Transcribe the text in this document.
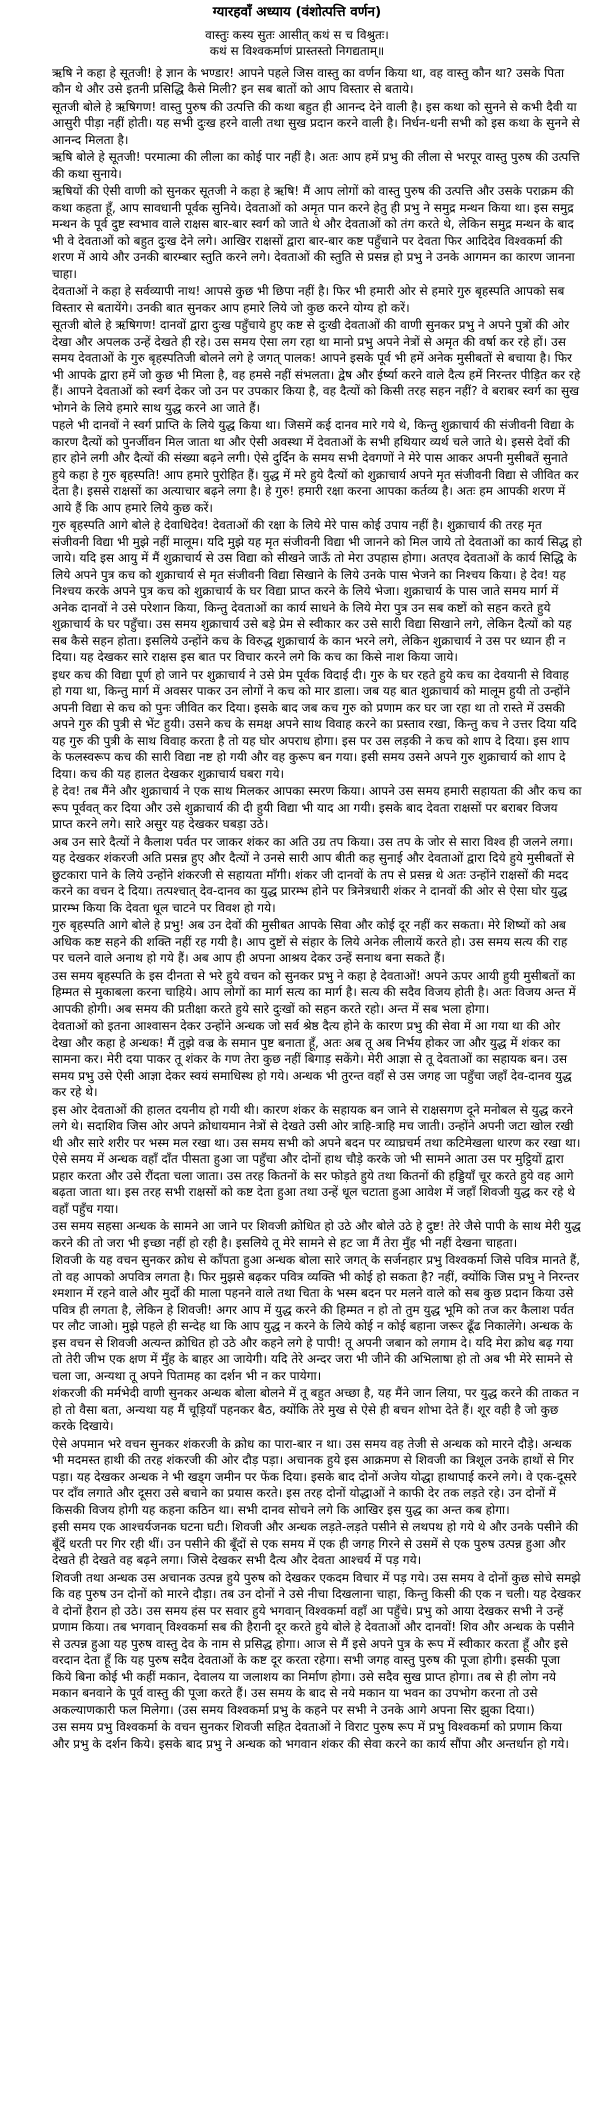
ग्यारहवाँ अध्याय (वंशोत्पत्ति वर्णन)
वास्तुः कस्य सुतः आसीत्‌ कथं स च विश्रुतः।
कथं स विश्वकर्माणं प्रास्तस्तो निगद्यताम्‌॥

ऋषि ने कहा हे सूतजी! हे ज्ञान के भण्डार! आपने पहले जिस वास्तु का वर्णन किया था, वह वास्तु कौन था? उसके पिता कौन थे और उसे इतनी प्रसिद्धि कैसे मिली? इन सब बातों को आप विस्तार से बताये।

सूतजी बोले हे ऋषिगण! वास्तु पुरुष की उत्पत्ति की कथा बहुत ही आनन्द देने वाली है। इस कथा को सुनने से कभी दैवी या आसुरी पीड़ा नहीं होती। यह सभी दुःख हरने वाली तथा सुख प्रदान करने वाली है। निर्धन-धनी सभी को इस कथा के सुनने से आनन्द मिलता है।

ऋषि बोले हे सूतजी! परमात्मा की लीला का कोई पार नहीं है। अतः आप हमें प्रभु की लीला से भरपूर वास्तु पुरुष की उत्पत्ति की कथा सुनाये।

ऋषियों की ऐसी वाणी को सुनकर सूतजी ने कहा हे ऋषि! मैं आप लोगों को वास्तु पुरुष की उत्पत्ति और उसके पराक्रम की कथा कहता हूँ, आप सावधानी पूर्वक सुनिये। देवताओं को अमृत पान करने हेतु ही प्रभु ने समुद्र मन्थन किया था। इस समुद्र मन्थन के पूर्व दुष्ट स्वभाव वाले राक्षस बार-बार स्वर्ग को जाते थे और देवताओं को तंग करते थे, लेकिन समुद्र मन्थन के बाद भी वे देवताओं को बहुत दुःख देने लगे। आखिर राक्षसों द्वारा बार-बार कष्ट पहुँचाने पर देवता फिर आदिदेव विश्वकर्मा की शरण में आये और उनकी बारम्बार स्तुति करने लगे। देवताओं की स्तुति से प्रसन्न हो प्रभु ने उनके आगमन का कारण जानना चाहा।

देवताओं ने कहा हे सर्वव्यापी नाथ! आपसे कुछ भी छिपा नहीं है। फिर भी हमारी ओर से हमारे गुरु बृहस्पति आपको सब विस्तार से बतायेंगे। उनकी बात सुनकर आप हमारे लिये जो कुछ करने योग्य हो करें।

सूतजी बोले हे ऋषिगण! दानवों द्वारा दुःख पहुँचाये हुए कष्ट से दुःखी देवताओं की वाणी सुनकर प्रभु ने अपने पुत्रों की ओर देखा और अपलक उन्हें देखते ही रहे। उस समय ऐसा लग रहा था मानो प्रभु अपने नेत्रों से अमृत की वर्षा कर रहे हों। उस समय देवताओं के गुरु बृहस्पतिजी बोलने लगे हे जगत् पालक! आपने इसके पूर्व भी हमें अनेक मुसीबतों से बचाया है। फिर भी आपके द्वारा हमें जो कुछ भी मिला है, वह हमसे नहीं संभलता। द्वेष और ईर्ष्या करने वाले दैत्य हमें निरन्तर पीड़ित कर रहे हैं। आपने देवताओं को स्वर्ग देकर जो उन पर उपकार किया है, वह दैत्यों को किसी तरह सहन नहीं? वे बराबर स्वर्ग का सुख भोगने के लिये हमारे साथ युद्ध करने आ जाते हैं।

पहले भी दानवों ने स्वर्ग प्राप्ति के लिये युद्ध किया था। जिसमें कई दानव मारे गये थे, किन्तु शुक्राचार्य की संजीवनी विद्या के कारण दैत्यों को पुनर्जीवन मिल जाता था और ऐसी अवस्था में देवताओं के सभी हथियार व्यर्थ चले जाते थे। इससे देवों की हार होने लगी और दैत्यों की संख्या बढ़ने लगी। ऐसे दुर्दिन के समय सभी देवगणों ने मेरे पास आकर अपनी मुसीबतें सुनाते हुये कहा हे गुरु बृहस्पति! आप हमारे पुरोहित हैं। युद्ध में मरे हुये दैत्यों को शुक्राचार्य अपने मृत संजीवनी विद्या से जीवित कर देता है। इससे राक्षसों का अत्याचार बढ़ने लगा है। हे गुरु! हमारी रक्षा करना आपका कर्तव्य है। अतः हम आपकी शरण में आये हैं कि आप हमारे लिये कुछ करें।

गुरु बृहस्पति आगे बोले हे देवाधिदेव! देवताओं की रक्षा के लिये मेरे पास कोई उपाय नहीं है। शुक्राचार्य की तरह मृत संजीवनी विद्या भी मुझे नहीं मालूम। यदि मुझे यह मृत संजीवनी विद्या भी जानने को मिल जाये तो देवताओं का कार्य सिद्ध हो जाये। यदि इस आयु में मैं शुक्राचार्य से उस विद्या को सीखने जाऊँ तो मेरा उपहास होगा। अतएव देवताओं के कार्य सिद्धि के लिये अपने पुत्र कच को शुक्राचार्य से मृत संजीवनी विद्या सिखाने के लिये उनके पास भेजने का निश्चय किया। हे देव! यह निश्चय करके अपने पुत्र कच को शुक्राचार्य के घर विद्या प्राप्त करने के लिये भेजा। शुक्राचार्य के पास जाते समय मार्ग में अनेक दानवों ने उसे परेशान किया, किन्तु देवताओं का कार्य साधने के लिये मेरा पुत्र उन सब कष्टों को सहन करते हुये शुक्राचार्य के घर पहुँचा। उस समय शुक्राचार्य उसे बड़े प्रेम से स्वीकार कर उसे सारी विद्या सिखाने लगे, लेकिन दैत्यों को यह सब कैसे सहन होता। इसलिये उन्होंने कच के विरुद्ध शुक्राचार्य के कान भरने लगे, लेकिन शुक्राचार्य ने उस पर ध्यान ही न दिया। यह देखकर सारे राक्षस इस बात पर विचार करने लगे कि कच का किसे नाश किया जाये।

इधर कच की विद्या पूर्ण हो जाने पर शुक्राचार्य ने उसे प्रेम पूर्वक विदाई दी। गुरु के घर रहते हुये कच का देवयानी से विवाह हो गया था, किन्तु मार्ग में अवसर पाकर उन लोगों ने कच को मार डाला। जब यह बात शुक्राचार्य को मालूम हुयी तो उन्होंने अपनी विद्या से कच को पुनः जीवित कर दिया। इसके बाद जब कच गुरु को प्रणाम कर घर जा रहा था तो रास्ते में उसकी अपने गुरु की पुत्री से भेंट हुयी। उसने कच के समक्ष अपने साथ विवाह करने का प्रस्ताव रखा, किन्तु कच ने उत्तर दिया यदि यह गुरु की पुत्री के साथ विवाह करता है तो यह घोर अपराध होगा। इस पर उस लड़की ने कच को शाप दे दिया। इस शाप के फलस्वरूप कच की सारी विद्या नष्ट हो गयी और वह कुरूप बन गया। इसी समय उसने अपने गुरु शुक्राचार्य को शाप दे दिया। कच की यह हालत देखकर शुक्राचार्य घबरा गये।

हे देव! तब मैंने और शुक्राचार्य ने एक साथ मिलकर आपका स्मरण किया। आपने उस समय हमारी सहायता की और कच का रूप पूर्ववत्‌ कर दिया और उसे शुक्राचार्य की दी हुयी विद्या भी याद आ गयी। इसके बाद देवता राक्षसों पर बराबर विजय प्राप्त करने लगे। सारे असुर यह देखकर घबड़ा उठे।

अब उन सारे दैत्यों ने कैलाश पर्वत पर जाकर शंकर का अति उग्र तप किया। उस तप के जोर से सारा विश्व ही जलने लगा। यह देखकर शंकरजी अति प्रसन्न हुए और दैत्यों ने उनसे सारी आप बीती कह सुनाई और देवताओं द्वारा दिये हुये मुसीबतों से छुटकारा पाने के लिये उन्होंने शंकरजी से सहायता माँगी। शंकर जी दानवों के तप से प्रसन्न थे अतः उन्होंने राक्षसों की मदद करने का वचन दे दिया। तत्पश्चात्‌ देव-दानव का युद्ध प्रारम्भ होने पर त्रिनेत्रधारी शंकर ने दानवों की ओर से ऐसा घोर युद्ध प्रारम्भ किया कि देवता धूल चाटने पर विवश हो गये।

गुरु बृहस्पति आगे बोले हे प्रभु! अब उन देवों की मुसीबत आपके सिवा और कोई दूर नहीं कर सकता। मेरे शिष्यों को अब अधिक कष्ट सहने की शक्ति नहीं रह गयी है। आप दुष्टों से संहार के लिये अनेक लीलायें करते हो। उस समय सत्य की राह पर चलने वाले अनाथ हो गये हैं। अब आप ही अपना आश्रय देकर उन्हें सनाथ बना सकते हैं।

उस समय बृहस्पति के इस दीनता से भरे हुये वचन को सुनकर प्रभु ने कहा हे देवताओं! अपने ऊपर आयी हुयी मुसीबतों का हिम्मत से मुकाबला करना चाहिये। आप लोगों का मार्ग सत्य का मार्ग है। सत्य की सदैव विजय होती है। अतः विजय अन्त में आपकी होगी। अब समय की प्रतीक्षा करते हुये सारे दुःखों को सहन करते रहो। अन्त में सब भला होगा।

देवताओं को इतना आश्वासन देकर उन्होंने अन्धक जो सर्व श्रेष्ठ दैत्य होने के कारण प्रभु की सेवा में आ गया था की ओर देखा और कहा हे अन्धक! मैं तुझे वज्र के समान पुष्ट बनाता हूँ, अतः अब तू अब निर्भय होकर जा और युद्ध में शंकर का सामना कर। मेरी दया पाकर तू शंकर के गण तेरा कुछ नहीं बिगाड़ सकेंगे। मेरी आज्ञा से तू देवताओं का सहायक बन। उस समय प्रभु उसे ऐसी आज्ञा देकर स्वयं समाधिस्थ हो गये। अन्धक भी तुरन्त वहाँ से उस जगह जा पहुँचा जहाँ देव-दानव युद्ध कर रहे थे।

इस ओर देवताओं की हालत दयनीय हो गयी थी। कारण शंकर के सहायक बन जाने से राक्षसगण दूने मनोबल से युद्ध करने लगे थे। सदाशिव जिस ओर अपने क्रोधायमान नेत्रों से देखते उसी ओर त्राहि-त्राहि मच जाती। उन्होंने अपनी जटा खोल रखी थी और सारे शरीर पर भस्म मल रखा था। उस समय सभी को अपने बदन पर व्याघ्रचर्म तथा कटिमेखला धारण कर रखा था। ऐसे समय में अन्धक वहाँ दाँत पीसता हुआ जा पहुँचा और दोनों हाथ चौड़े करके जो भी सामने आता उस पर मुट्ठियों द्वारा प्रहार करता और उसे रौंदता चला जाता। उस तरह कितनों के सर फोड़ते हुये तथा कितनों की हड्डियाँ चूर करते हुये वह आगे बढ़ता जाता था। इस तरह सभी राक्षसों को कष्ट देता हुआ तथा उन्हें धूल चटाता हुआ आवेश में जहाँ शिवजी युद्ध कर रहे थे वहाँ पहुँच गया।

उस समय सहसा अन्धक के सामने आ जाने पर शिवजी क्रोधित हो उठे और बोले उठे हे दुष्ट! तेरे जैसे पापी के साथ मेरी युद्ध करने की तो जरा भी इच्छा नहीं हो रही है। इसलिये तू मेरे सामने से हट जा मैं तेरा मुँह भी नहीं देखना चाहता।

शिवजी के यह वचन सुनकर क्रोध से काँपता हुआ अन्धक बोला सारे जगत्‌ के सर्जनहार प्रभु विश्वकर्मा जिसे पवित्र मानते हैं, तो वह आपको अपवित्र लगता है। फिर मुझसे बढ़कर पवित्र व्यक्ति भी कोई हो सकता है? नहीं, क्योंकि जिस प्रभु ने निरन्तर श्मशान में रहने वाले और मुर्दों की माला पहनने वाले तथा चिता के भस्म बदन पर मलने वाले को सब कुछ प्रदान किया उसे पवित्र ही लगता है, लेकिन हे शिवजी! अगर आप में युद्ध करने की हिम्मत न हो तो तुम युद्ध भूमि को तज कर कैलाश पर्वत पर लौट जाओ। मुझे पहले ही सन्देह था कि आप युद्ध न करने के लिये कोई न कोई बहाना जरूर ढूँढ निकालेंगे। अन्धक के इस वचन से शिवजी अत्यन्त क्रोधित हो उठे और कहने लगे हे पापी! तू अपनी जबान को लगाम दे। यदि मेरा क्रोध बढ़ गया तो तेरी जीभ एक क्षण में मुँह के बाहर आ जायेगी। यदि तेरे अन्दर जरा भी जीने की अभिलाषा हो तो अब भी मेरे सामने से चला जा, अन्यथा तू अपने पितामह का दर्शन भी न कर पायेगा।

शंकरजी की मर्मभेदी वाणी सुनकर अन्धक बोला बोलने में तू बहुत अच्छा है, यह मैंने जान लिया, पर युद्ध करने की ताकत न हो तो वैसा बता, अन्यथा यह मैं चूड़ियाँ पहनकर बैठ, क्योंकि तेरे मुख से ऐसे ही बचन शोभा देते हैं। शूर वही है जो कुछ करके दिखाये।

ऐसे अपमान भरे वचन सुनकर शंकरजी के क्रोध का पारा-बार न था। उस समय वह तेजी से अन्धक को मारने दौड़े। अन्धक भी मदमस्त हाथी की तरह शंकरजी की ओर दौड़ पड़ा। अचानक हुये इस आक्रमण से शिवजी का त्रिशूल उनके हाथों से गिर पड़ा। यह देखकर अन्धक ने भी खड्ग जमीन पर फेंक दिया। इसके बाद दोनों अजेय योद्धा हाथापाई करने लगे। वे एक-दूसरे पर दाँव लगाते और दूसरा उसे बचाने का प्रयास करते। इस तरह दोनों योद्धाओं ने काफी देर तक लड़ते रहे। उन दोनों में किसकी विजय होगी यह कहना कठिन था। सभी दानव सोचने लगे कि आखिर इस युद्ध का अन्त कब होगा।

इसी समय एक आश्चर्यजनक घटना घटी। शिवजी और अन्धक लड़ते-लड़ते पसीने से लथपथ हो गये थे और उनके पसीने की बूँदें धरती पर गिर रही थीं। उन पसीने की बूँदों से एक समय में एक ही जगह गिरने से उसमें से एक पुरुष उत्पन्न हुआ और देखते ही देखते वह बढ़ने लगा। जिसे देखकर सभी दैत्य और देवता आश्चर्य में पड़ गये।

शिवजी तथा अन्धक उस अचानक उत्पन्न हुये पुरुष को देखकर एकदम विचार में पड़ गये। उस समय वे दोनों कुछ सोचे समझे कि वह पुरुष उन दोनों को मारने दौड़ा। तब उन दोनों ने उसे नीचा दिखलाना चाहा, किन्तु किसी की एक न चली। यह देखकर वे दोनों हैरान हो उठे। उस समय हंस पर सवार हुये भगवान्‌ विश्वकर्मा वहाँ आ पहुँचे। प्रभु को आया देखकर सभी ने उन्हें प्रणाम किया। तब भगवान्‌ विश्वकर्मा सब की हैरानी दूर करते हुये बोले हे देवताओं और दानवों! शिव और अन्धक के पसीने से उत्पन्न हुआ यह पुरुष वास्तु देव के नाम से प्रसिद्ध होगा। आज से मैं इसे अपने पुत्र के रूप में स्वीकार करता हूँ और इसे वरदान देता हूँ कि यह पुरुष सदैव देवताओं के कष्ट दूर करता रहेगा। सभी जगह वास्तु पुरुष की पूजा होगी। इसकी पूजा किये बिना कोई भी कहीं मकान, देवालय या जलाशय का निर्माण होगा। उसे सदैव सुख प्राप्त होगा। तब से ही लोग नये मकान बनवाने के पूर्व वास्तु की पूजा करते हैं। उस समय के बाद से नये मकान या भवन का उपभोग करना तो उसे अकल्याणकारी फल मिलेगा। (उस समय विश्वकर्मा प्रभु के कहने पर सभी ने उनके आगे अपना सिर झुका दिया।)

उस समय प्रभु विश्वकर्मा के वचन सुनकर शिवजी सहित देवताओं ने विराट पुरुष रूप में प्रभु विश्वकर्मा को प्रणाम किया और प्रभु के दर्शन किये। इसके बाद प्रभु ने अन्धक को भगवान शंकर की सेवा करने का कार्य सौंपा और अन्तर्धान हो गये।
